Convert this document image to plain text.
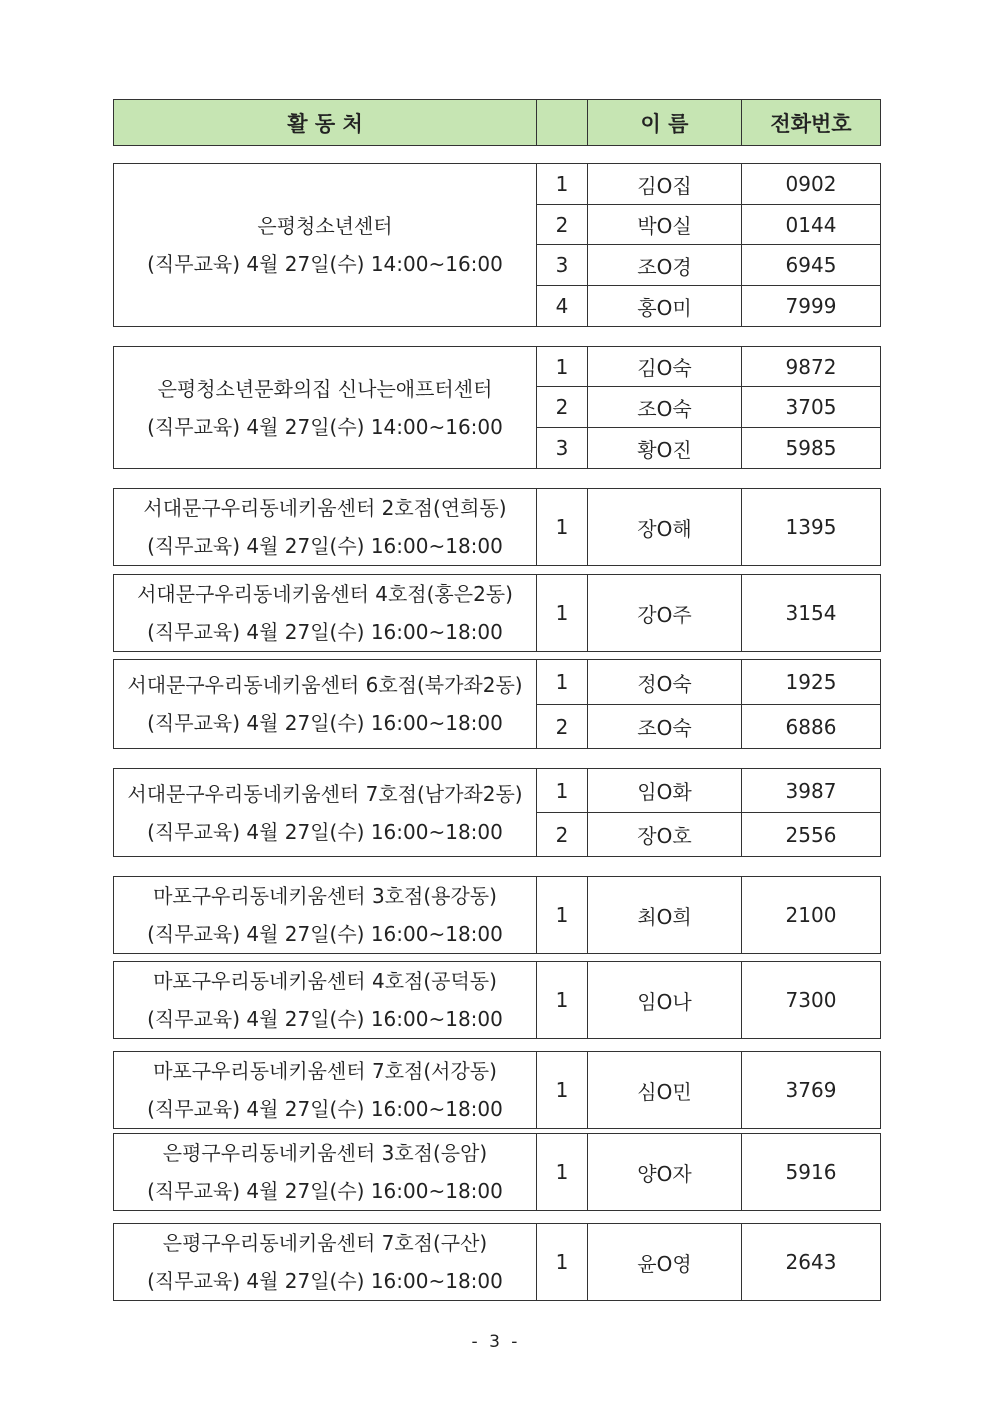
활 동 처		이 름	전화번호
은평청소년센터
(직무교육) 4월 27일(수) 14:00~16:00	1	김O집	0902
	2	박O실	0144
	3	조O경	6945
	4	홍O미	7999
은평청소년문화의집 신나는애프터센터
(직무교육) 4월 27일(수) 14:00~16:00	1	김O숙	9872
	2	조O숙	3705
	3	황O진	5985
서대문구우리동네키움센터 2호점(연희동)
(직무교육) 4월 27일(수) 16:00~18:00
	1	장O해	1395
서대문구우리동네키움센터 4호점(홍은2동)
(직무교육) 4월 27일(수) 16:00~18:00
	1	강O주	3154
서대문구우리동네키움센터 6호점(북가좌2동)
(직무교육) 4월 27일(수) 16:00~18:00	1	정O숙	1925
	2	조O숙	6886
서대문구우리동네키움센터 7호점(남가좌2동)
(직무교육) 4월 27일(수) 16:00~18:00	1	임O화	3987
	2	장O호	2556
마포구우리동네키움센터 3호점(용강동)
(직무교육) 4월 27일(수) 16:00~18:00
	1	최O희	2100
마포구우리동네키움센터 4호점(공덕동)
(직무교육) 4월 27일(수) 16:00~18:00
	1	임O나	7300
마포구우리동네키움센터 7호점(서강동)
(직무교육) 4월 27일(수) 16:00~18:00
	1	심O민	3769
은평구우리동네키움센터 3호점(응암)
(직무교육) 4월 27일(수) 16:00~18:00
	1	양O자	5916
은평구우리동네키움센터 7호점(구산)
(직무교육) 4월 27일(수) 16:00~18:00
	1	윤O영	2643
- 3 -
